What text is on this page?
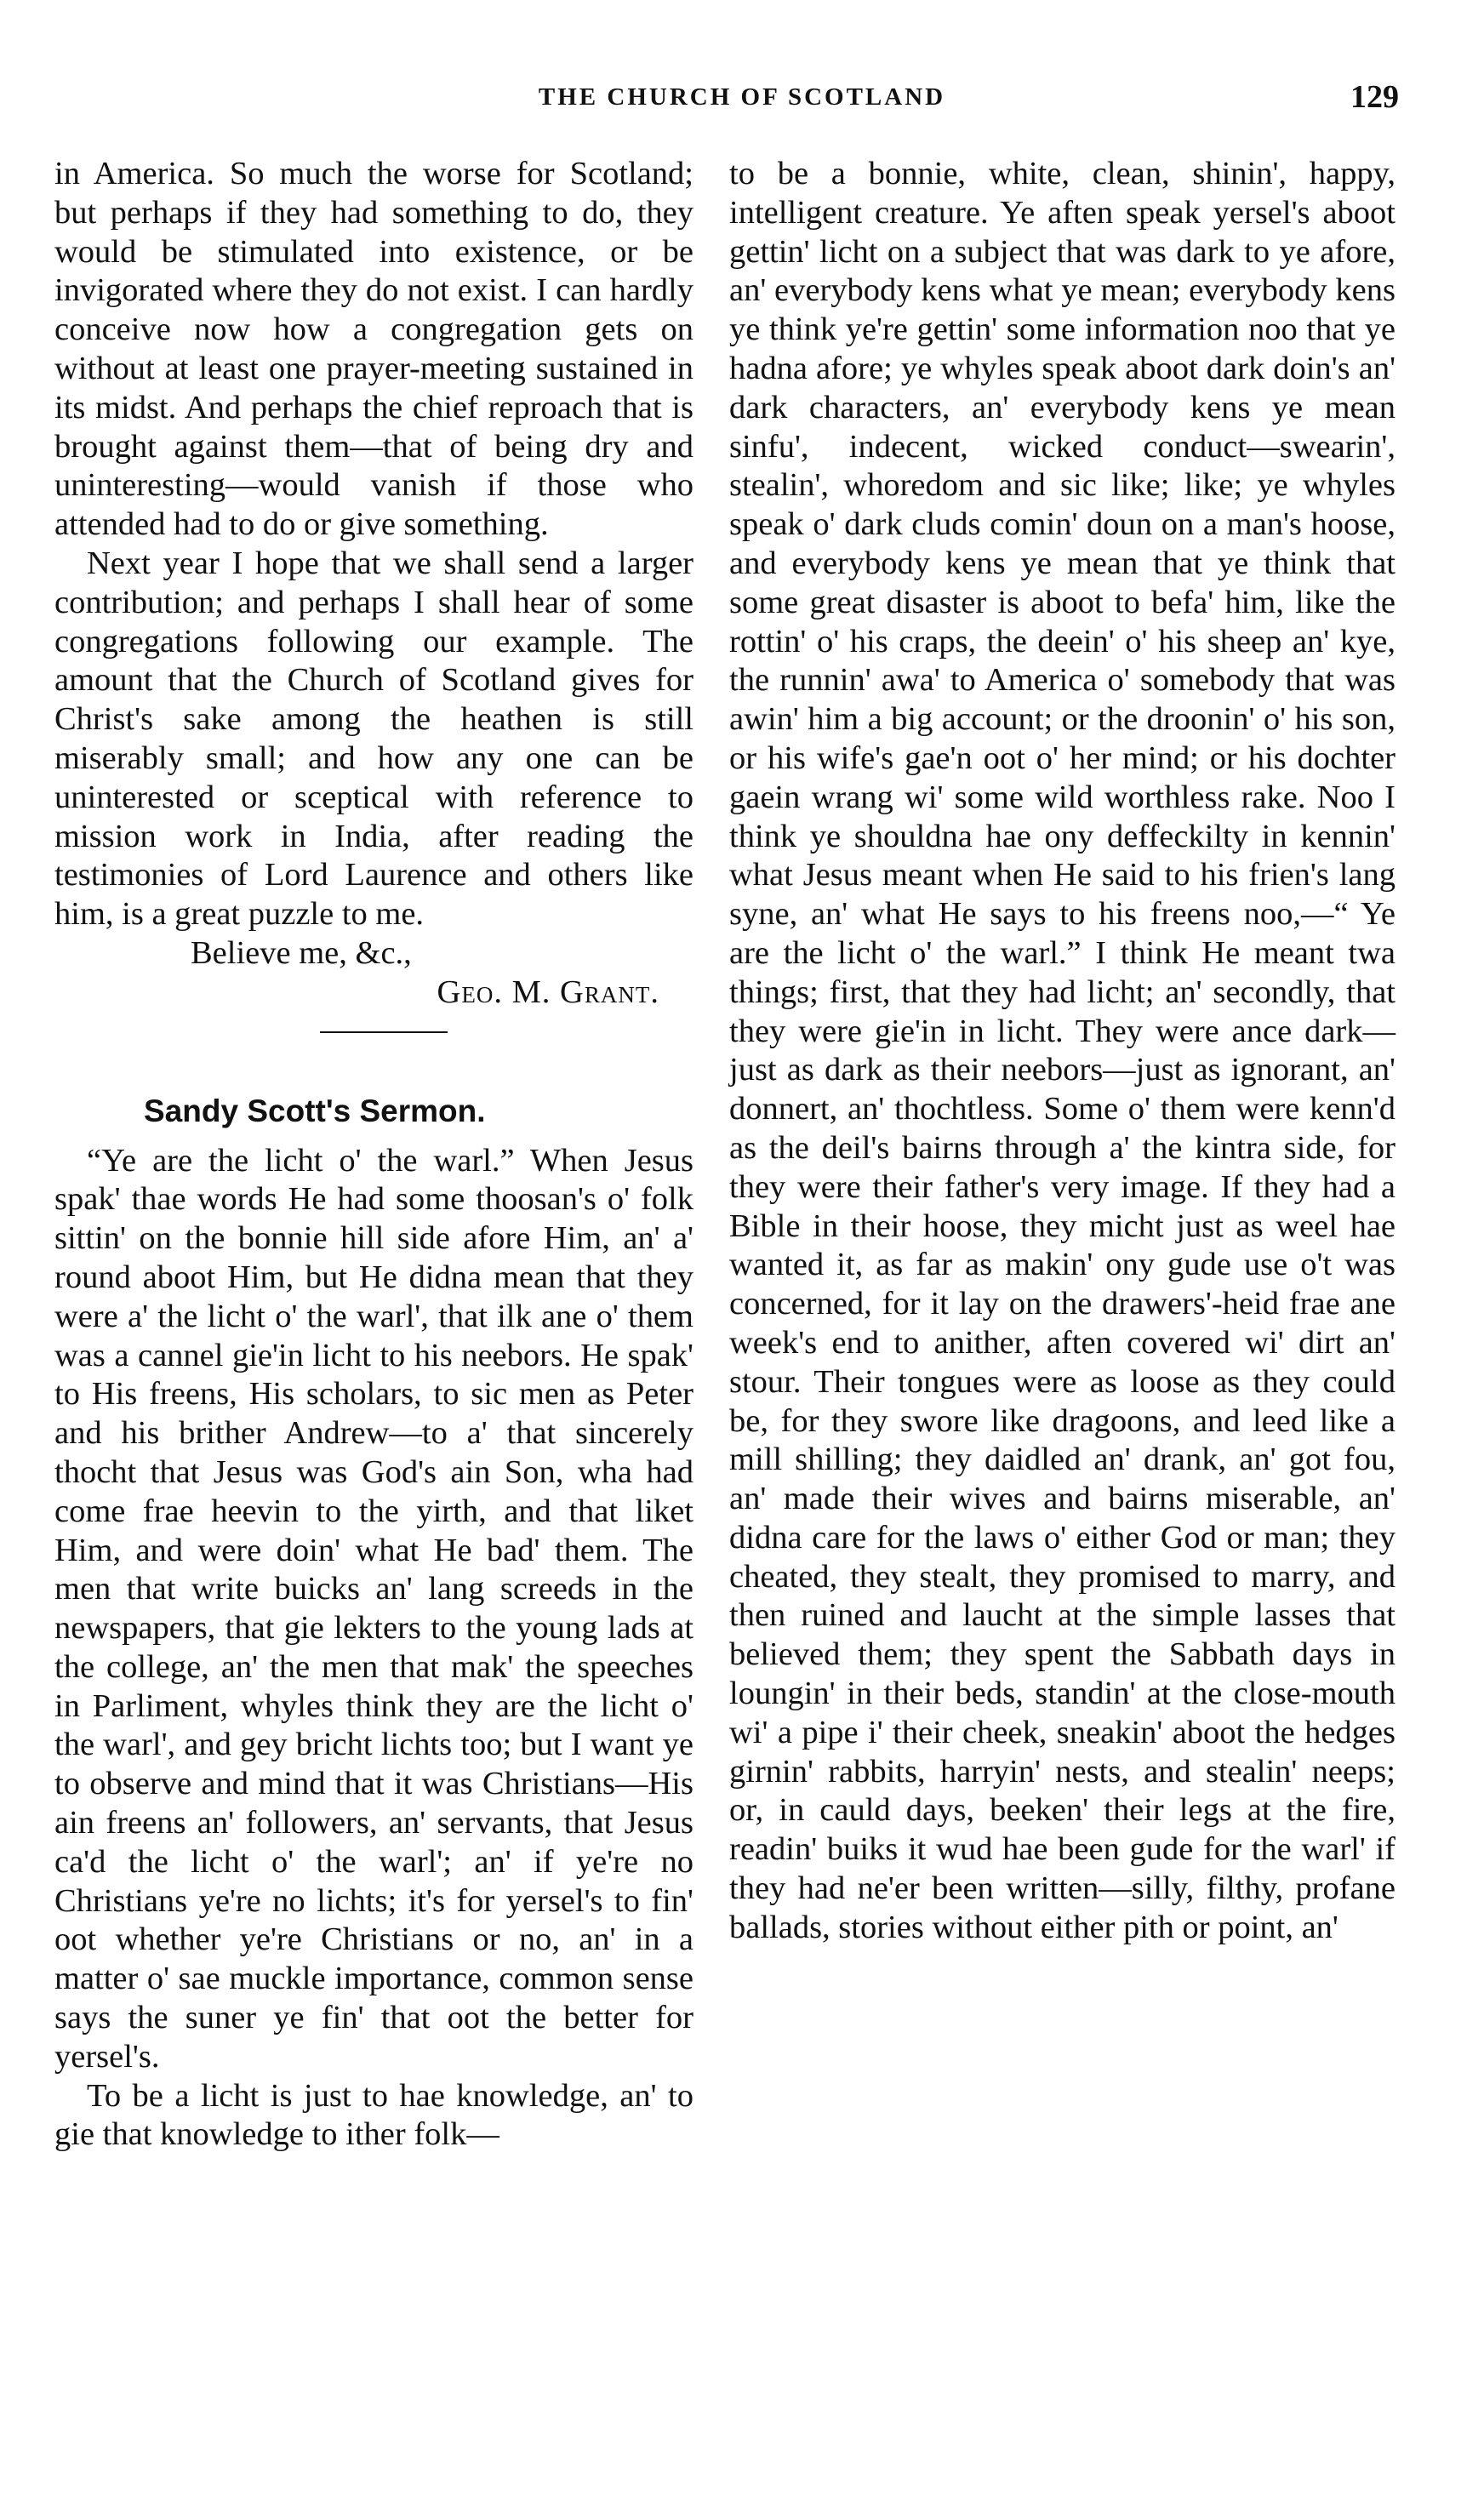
THE CHURCH OF SCOTLAND	129

in America. So much the worse for Scotland; but perhaps if they had something to do, they would be stimulated into existence, or be invigorated where they do not exist. I can hardly conceive now how a congregation gets on without at least one prayer-meeting sustained in its midst. And perhaps the chief reproach that is brought against them—that of being dry and uninteresting—would vanish if those who attended had to do or give something.

Next year I hope that we shall send a larger contribution; and perhaps I shall hear of some congregations following our example. The amount that the Church of Scotland gives for Christ's sake among the heathen is still miserably small; and how any one can be uninterested or sceptical with reference to mission work in India, after reading the testimonies of Lord Laurence and others like him, is a great puzzle to me.

Believe me, &c.,

Geo. M. Grant.

Sandy Scott's Sermon.

“Ye are the licht o' the warl.” When Jesus spak' thae words He had some thoosan's o' folk sittin' on the bonnie hill side afore Him, an' a' round aboot Him, but He didna mean that they were a' the licht o' the warl', that ilk ane o' them was a cannel gie'in licht to his neebors. He spak' to His freens, His scholars, to sic men as Peter and his brither Andrew—to a' that sincerely thocht that Jesus was God's ain Son, wha had come frae heevin to the yirth, and that liket Him, and were doin' what He bad' them. The men that write buicks an' lang screeds in the newspapers, that gie lekters to the young lads at the college, an' the men that mak' the speeches in Parliment, whyles think they are the licht o' the warl', and gey bricht lichts too; but I want ye to observe and mind that it was Christians—His ain freens an' followers, an' servants, that Jesus ca'd the licht o' the warl'; an' if ye're no Christians ye're no lichts; it's for yersel's to fin' oot whether ye're Christians or no, an' in a matter o' sae muckle importance, common sense says the suner ye fin' that oot the better for yersel's.

To be a licht is just to hae knowledge, an' to gie that knowledge to ither folk—

to be a bonnie, white, clean, shinin', happy, intelligent creature. Ye aften speak yersel's aboot gettin' licht on a subject that was dark to ye afore, an' everybody kens what ye mean; everybody kens ye think ye're gettin' some information noo that ye hadna afore; ye whyles speak aboot dark doin's an' dark characters, an' everybody kens ye mean sinfu', indecent, wicked conduct—swearin', stealin', whoredom and sic like; like; ye whyles speak o' dark cluds comin' doun on a man's hoose, and everybody kens ye mean that ye think that some great disaster is aboot to befa' him, like the rottin' o' his craps, the deein' o' his sheep an' kye, the runnin' awa' to America o' somebody that was awin' him a big account; or the droonin' o' his son, or his wife's gae'n oot o' her mind; or his dochter gaein wrang wi' some wild worthless rake. Noo I think ye shouldna hae ony deffeckilty in kennin' what Jesus meant when He said to his frien's lang syne, an' what He says to his freens noo,—“ Ye are the licht o' the warl.” I think He meant twa things; first, that they had licht; an' secondly, that they were gie'in in licht. They were ance dark—just as dark as their neebors—just as ignorant, an' donnert, an' thochtless. Some o' them were kenn'd as the deil's bairns through a' the kintra side, for they were their father's very image. If they had a Bible in their hoose, they micht just as weel hae wanted it, as far as makin' ony gude use o't was concerned, for it lay on the drawers'-heid frae ane week's end to anither, aften covered wi' dirt an' stour. Their tongues were as loose as they could be, for they swore like dragoons, and leed like a mill shilling; they daidled an' drank, an' got fou, an' made their wives and bairns miserable, an' didna care for the laws o' either God or man; they cheated, they stealt, they promised to marry, and then ruined and laucht at the simple lasses that believed them; they spent the Sabbath days in loungin' in their beds, standin' at the close-mouth wi' a pipe i' their cheek, sneakin' aboot the hedges girnin' rabbits, harryin' nests, and stealin' neeps; or, in cauld days, beeken' their legs at the fire, readin' buiks it wud hae been gude for the warl' if they had ne'er been written—silly, filthy, profane ballads, stories without either pith or point, an'
